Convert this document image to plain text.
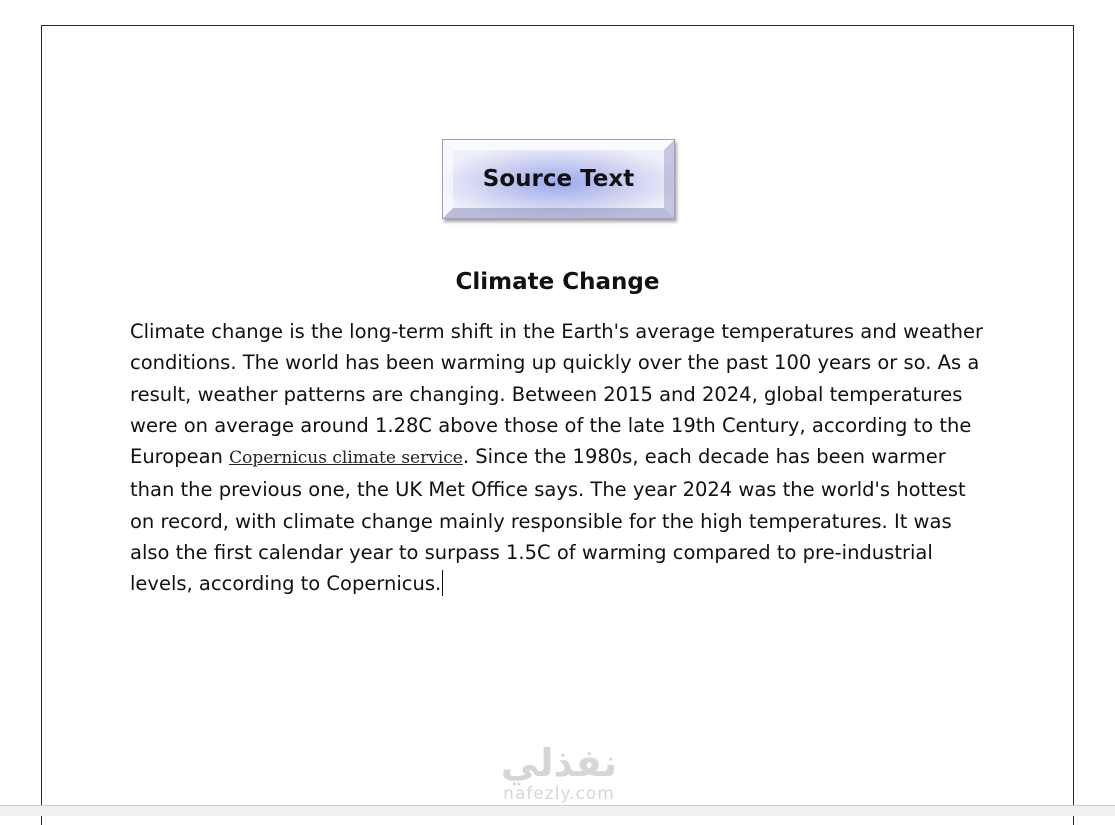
Source Text
Climate Change

Climate change is the long-term shift in the Earth's average temperatures and weather conditions. The world has been warming up quickly over the past 100 years or so. As a result, weather patterns are changing. Between 2015 and 2024, global temperatures were on average around 1.28C above those of the late 19th Century, according to the European Copernicus climate service. Since the 1980s, each decade has been warmer than the previous one, the UK Met Office says. The year 2024 was the world's hottest on record, with climate change mainly responsible for the high temperatures. It was also the first calendar year to surpass 1.5C of warming compared to pre-industrial levels, according to Copernicus.

نفذلي
nafezly.com
